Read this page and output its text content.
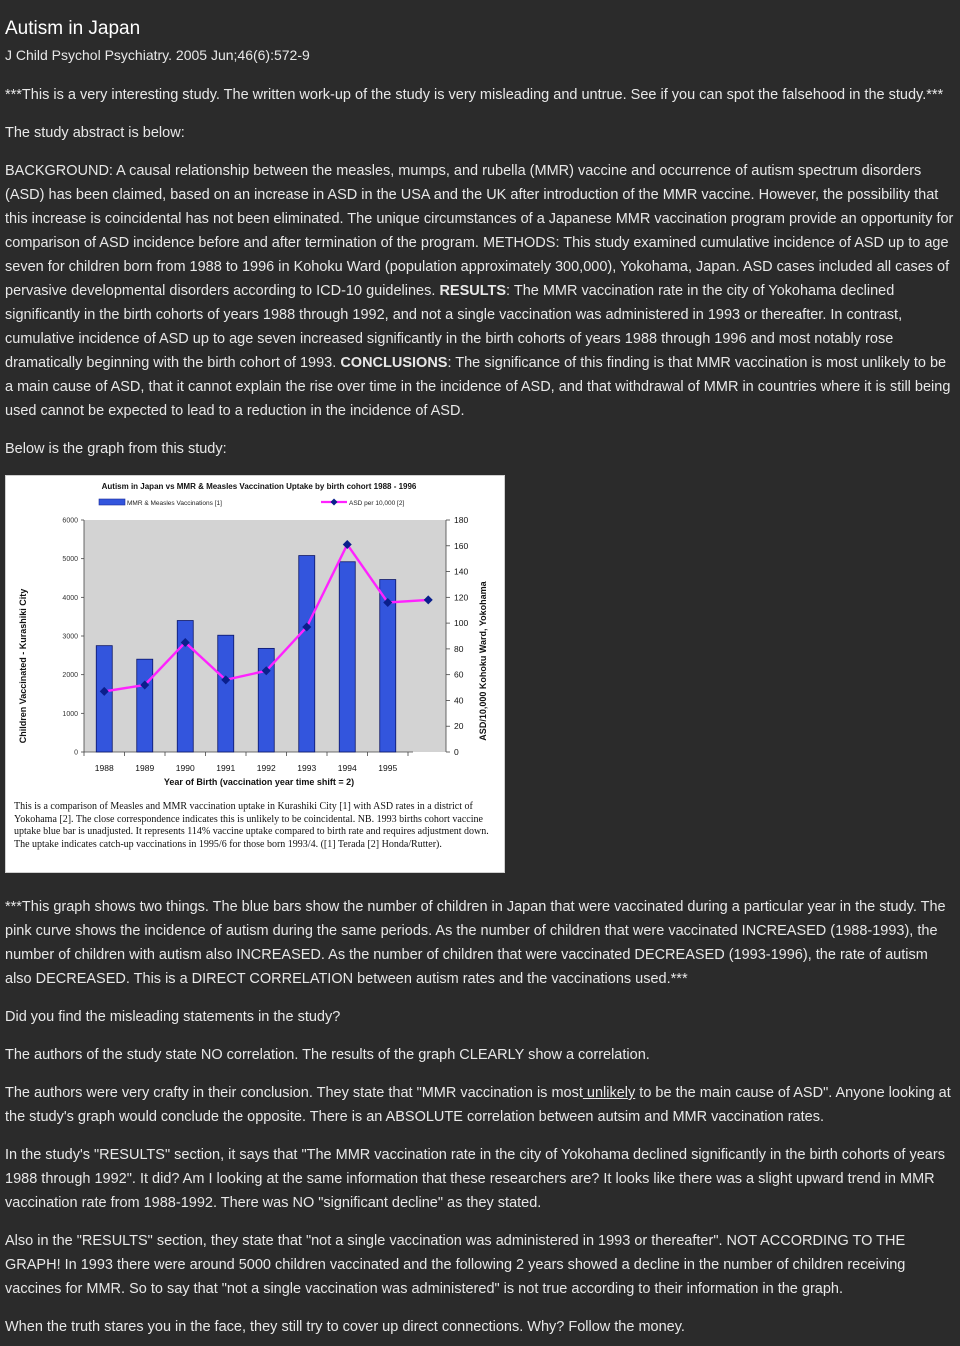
Autism in Japan
J Child Psychol Psychiatry. 2005 Jun;46(6):572-9

***This is a very interesting study. The written work-up of the study is very misleading and untrue. See if you can spot the falsehood in the study.***

The study abstract is below:

BACKGROUND: A causal relationship between the measles, mumps, and rubella (MMR) vaccine and occurrence of autism spectrum disorders (ASD) has been claimed, based on an increase in ASD in the USA and the UK after introduction of the MMR vaccine. However, the possibility that this increase is coincidental has not been eliminated. The unique circumstances of a Japanese MMR vaccination program provide an opportunity for comparison of ASD incidence before and after termination of the program. METHODS: This study examined cumulative incidence of ASD up to age seven for children born from 1988 to 1996 in Kohoku Ward (population approximately 300,000), Yokohama, Japan. ASD cases included all cases of pervasive developmental disorders according to ICD-10 guidelines. RESULTS: The MMR vaccination rate in the city of Yokohama declined significantly in the birth cohorts of years 1988 through 1992, and not a single vaccination was administered in 1993 or thereafter. In contrast, cumulative incidence of ASD up to age seven increased significantly in the birth cohorts of years 1988 through 1996 and most notably rose dramatically beginning with the birth cohort of 1993. CONCLUSIONS: The significance of this finding is that MMR vaccination is most unlikely to be a main cause of ASD, that it cannot explain the rise over time in the incidence of ASD, and that withdrawal of MMR in countries where it is still being used cannot be expected to lead to a reduction in the incidence of ASD.

Below is the graph from this study:

Autism in Japan vs MMR & Measles Vaccination Uptake by birth cohort 1988 - 1996
MMR & Measles Vaccinations [1]	ASD per 10,000 [2]
0
1000
2000
3000
4000
5000
6000
0
20
40
60
80
100
120
140
160
180
1988	1989	1990	1991	1992	1993	1994	1995
Year of Birth (vaccination year time shift = 2)
Children Vaccinated - Kurashiki City	ASD/10,000 Kohoku Ward, Yokohama
This is a comparison of Measles and MMR vaccination uptake in Kurashiki City [1] with ASD rates in a district of Yokohama [2]. The close correspondence indicates this is unlikely to be coincidental. NB. 1993 births cohort vaccine uptake blue bar is unadjusted. It represents 114% vaccine uptake compared to birth rate and requires adjustment down. The uptake indicates catch-up vaccinations in 1995/6 for those born 1993/4. ([1] Terada [2] Honda/Rutter).

***This graph shows two things. The blue bars show the number of children in Japan that were vaccinated during a particular year in the study. The pink curve shows the incidence of autism during the same periods. As the number of children that were vaccinated INCREASED (1988-1993), the number of children with autism also INCREASED. As the number of children that were vaccinated DECREASED (1993-1996), the rate of autism also DECREASED. This is a DIRECT CORRELATION between autism rates and the vaccinations used.***

Did you find the misleading statements in the study?

The authors of the study state NO correlation. The results of the graph CLEARLY show a correlation.

The authors were very crafty in their conclusion. They state that "MMR vaccination is most unlikely to be the main cause of ASD". Anyone looking at the study's graph would conclude the opposite. There is an ABSOLUTE correlation between autsim and MMR vaccination rates.

In the study's "RESULTS" section, it says that "The MMR vaccination rate in the city of Yokohama declined significantly in the birth cohorts of years 1988 through 1992". It did? Am I looking at the same information that these researchers are? It looks like there was a slight upward trend in MMR vaccination rate from 1988-1992. There was NO "significant decline" as they stated.

Also in the "RESULTS" section, they state that "not a single vaccination was administered in 1993 or thereafter". NOT ACCORDING TO THE GRAPH! In 1993 there were around 5000 children vaccinated and the following 2 years showed a decline in the number of children receiving vaccines for MMR. So to say that "not a single vaccination was administered" is not true according to their information in the graph.

When the truth stares you in the face, they still try to cover up direct connections. Why? Follow the money.
